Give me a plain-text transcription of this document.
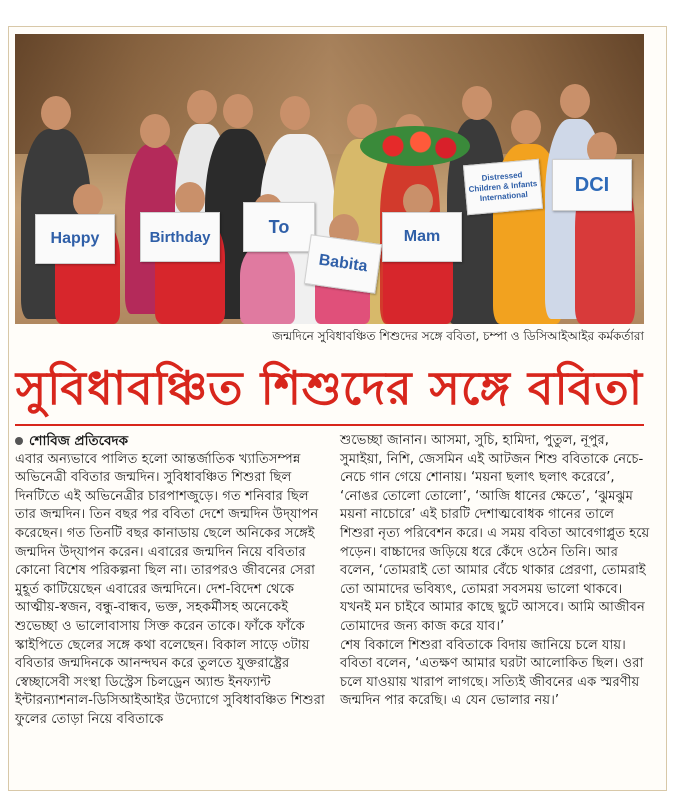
Happy	Birthday
To
Babita
Mam
Distressed Children & Infants International
DCI
জন্মদিনে সুবিধাবঞ্চিত শিশুদের সঙ্গে ববিতা, চম্পা ও ডিসিআইআইর কর্মকর্তারা
সুবিধাবঞ্চিত শিশুদের সঙ্গে ববিতা

শোবিজ প্রতিবেদক

এবার অন্যভাবে পালিত হলো আন্তর্জাতিক খ্যাতিসম্পন্ন অভিনেত্রী ববিতার জন্মদিন। সুবিধাবঞ্চিত শিশুরা ছিল দিনটিতে এই অভিনেত্রীর চারপাশজুড়ে। গত শনিবার ছিল তার জন্মদিন। তিন বছর পর ববিতা দেশে জন্মদিন উদ্‌যাপন করেছেন। গত তিনটি বছর কানাডায় ছেলে অনিকের সঙ্গেই জন্মদিন উদ্‌যাপন করেন। এবারের জন্মদিন নিয়ে ববিতার কোনো বিশেষ পরিকল্পনা ছিল না। তারপরও জীবনের সেরা মুহূর্ত কাটিয়েছেন এবারের জন্মদিনে। দেশ-বিদেশ থেকে আত্মীয়-স্বজন, বন্ধু-বান্ধব, ভক্ত, সহকর্মীসহ অনেকেই শুভেচ্ছা ও ভালোবাসায় সিক্ত করেন তাকে। ফাঁকে ফাঁকে স্কাইপিতে ছেলের সঙ্গে কথা বলেছেন। বিকাল সাড়ে ৩টায় ববিতার জন্মদিনকে আনন্দঘন করে তুলতে যুক্তরাষ্ট্রের স্বেচ্ছাসেবী সংস্থা ডিস্ট্রেস চিলড্রেন অ্যান্ড ইনফ্যান্ট ইন্টারন্যাশনাল-ডিসিআইআইর উদ্যোগে সুবিধাবঞ্চিত শিশুরা ফুলের তোড়া নিয়ে ববিতাকে

শুভেচ্ছা জানান। আসমা, সুচি, হামিদা, পুতুল, নূপুর, সুমাইয়া, নিশি, জেসমিন এই আটজন শিশু ববিতাকে নেচে-নেচে গান গেয়ে শোনায়। ‘ময়না ছলাৎ ছলাৎ করেরে’, ‘নোঙর তোলো তোলো’, ‘আজি ধানের ক্ষেতে’, ‘ঝুমঝুম ময়না নাচোরে’ এই চারটি দেশাত্মবোধক গানের তালে শিশুরা নৃত্য পরিবেশন করে। এ সময় ববিতা আবেগাপ্লুত হয়ে পড়েন। বাচ্চাদের জড়িয়ে ধরে কেঁদে ওঠেন তিনি। আর বলেন, ‘তোমরাই তো আমার বেঁচে থাকার প্রেরণা, তোমরাই তো আমাদের ভবিষ্যৎ, তোমরা সবসময় ভালো থাকবে। যখনই মন চাইবে আমার কাছে ছুটে আসবে। আমি আজীবন তোমাদের জন্য কাজ করে যাব।’

শেষ বিকালে শিশুরা ববিতাকে বিদায় জানিয়ে চলে যায়। ববিতা বলেন, ‘এতক্ষণ আমার ঘরটা আলোকিত ছিল। ওরা চলে যাওয়ায় খারাপ লাগছে। সত্যিই জীবনের এক স্মরণীয় জন্মদিন পার করেছি। এ যেন ভোলার নয়।’
